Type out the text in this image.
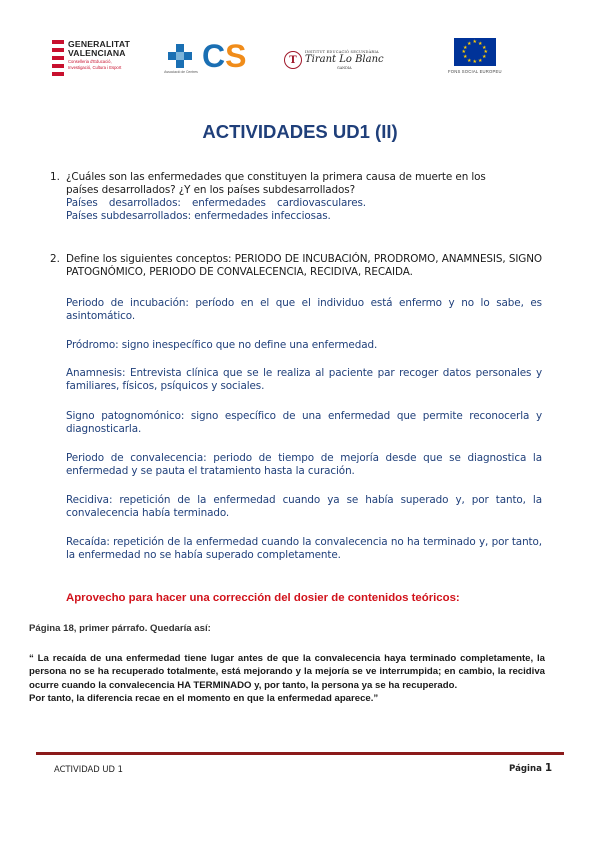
GENERALITAT
VALENCIANA
Conselleria d'Educació,
Investigació, Cultura i Esport
Associació de Centres CS	T
INSTITUT EDUCACIÓ SECUNDÀRIA
Tirant Lo Blanc
GANDIA
★ ★
★
★
★
★
★
★
★
★
★
★
FONS SOCIAL EUROPEU
ACTIVIDADES UD1 (II)
1. ¿Cuáles son las enfermedades que constituyen la primera causa de muerte en los países desarrollados? ¿Y en los países subdesarrollados?
Países desarrollados: enfermedades cardiovasculares. Países subdesarrollados: enfermedades infecciosas.
2. Define los siguientes conceptos: PERIODO DE INCUBACIÓN, PRODROMO, ANAMNESIS, SIGNO PATOGNÓMICO, PERIODO DE CONVALECENCIA, RECIDIVA, RECAIDA.
Periodo de incubación: período en el que el individuo está enfermo y no lo sabe, es asintomático.
Pródromo: signo inespecífico que no define una enfermedad.
Anamnesis: Entrevista clínica que se le realiza al paciente par recoger datos personales y familiares, físicos, psíquicos y sociales.
Signo patognomónico: signo específico de una enfermedad que permite reconocerla y diagnosticarla.
Periodo de convalecencia: periodo de tiempo de mejoría desde que se diagnostica la enfermedad y se pauta el tratamiento hasta la curación.
Recidiva: repetición de la enfermedad cuando ya se había superado y, por tanto, la convalecencia había terminado.
Recaída: repetición de la enfermedad cuando la convalecencia no ha terminado y, por tanto, la enfermedad no se había superado completamente.
Aprovecho para hacer una corrección del dosier de contenidos teóricos:
Página 18, primer párrafo. Quedaría así:

“ La recaída de una enfermedad tiene lugar antes de que la convalecencia haya terminado completamente, la persona no se ha recuperado totalmente, está mejorando y la mejoría se ve interrumpida; en cambio, la recidiva ocurre cuando la convalecencia HA TERMINADO y, por tanto, la persona ya se ha recuperado.

Por tanto, la diferencia recae en el momento en que la enfermedad aparece.”

ACTIVIDAD UD 1	Página 1
